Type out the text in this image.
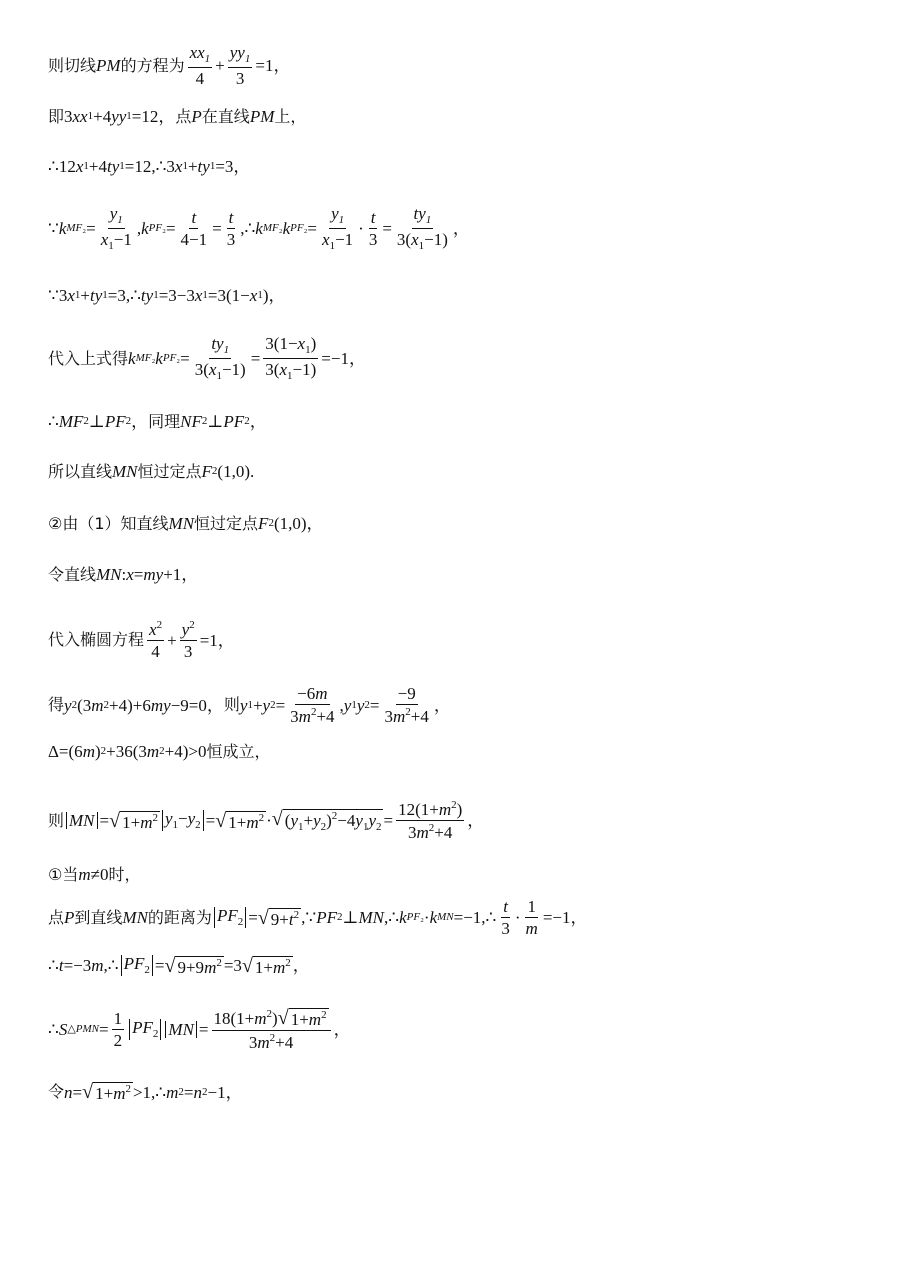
则切线 PM 的方程为 $\frac{xx_1}{4} + \frac{yy_1}{3} =1$，
即 3 xx 1 +4 yy 1 =12， 点 P 在直线 PM 上，
∴12 x 1 +4 ty 1 =12,∴3 x 1 + ty 1 =3，
∵ k $MF_2 = \frac{y_1}{x_1-1}$ , k $PF_2 = \frac{t}{4-1} = \frac{t}{3}$ ,∴ k MF₂ k $PF_2 = \frac{y_1}{x_1-1} \cdot \frac{t}{3} = \frac{ty_1}{3(x_1-1)}$ ，
∵3 x 1 + ty 1 =3,∴ ty 1 =3−3 x 1 =3(1− x 1 )，
代入上式得 k MF₂ k $PF_2 = \frac{ty_1}{3(x_1-1)} = \frac{3(1-x_1)}{3(x_1-1)} =-1$，
∴ MF 2 ⊥ PF 2 ， 同理 NF 2 ⊥ PF 2 ，
所以直线 MN 恒过定点 F 2 (1,0).
②由（1）知直线 MN 恒过定点 F 2 (1,0)，
令直线 MN : x = my +1，
代入椭圆方程 $\frac{x^2}{4} + \frac{y^2}{3} =1$，
得 y 2 (3 m 2 +4)+6 my −9=0， 则 y 1 + y $2 = \frac{-6m}{3m^2+4}$ , y 1 y $2 = \frac{-9}{3m^2+4}$ ，
Δ=(6 m ) 2 +36(3 m 2 +4)>0 恒成立，
则 MN = √ $1+m^2$ $y_1-y_2$ = √ $1+m^2$ · √ $(y_1+y_2)^2-4y_1y_2 = \frac{12(1+m^2)}{3m^2+4}$ ，
①当 m ≠0 时，
点 P 到直线 MN 的距离为 $PF_2$ = √ $9+t^2$ ,∵ PF 2 ⊥ MN ,∴ k PF₂ · k MN =−1,∴ $\frac{t}{3} \cdot \frac{1}{m} =-1$，
∴ t =−3 m ,∴ $PF_2$ = √ $9+9m^2 =3$ √ $1+m^2$ ，
∴ S △PMN = $\frac{1}{2} PF_2$ MN = $\frac{18(1+m^2) √ 1+m^2}{3m^2+4}$ ，
令 n = √ $1+m^2$ >1,∴ m 2 = n 2 −1，
